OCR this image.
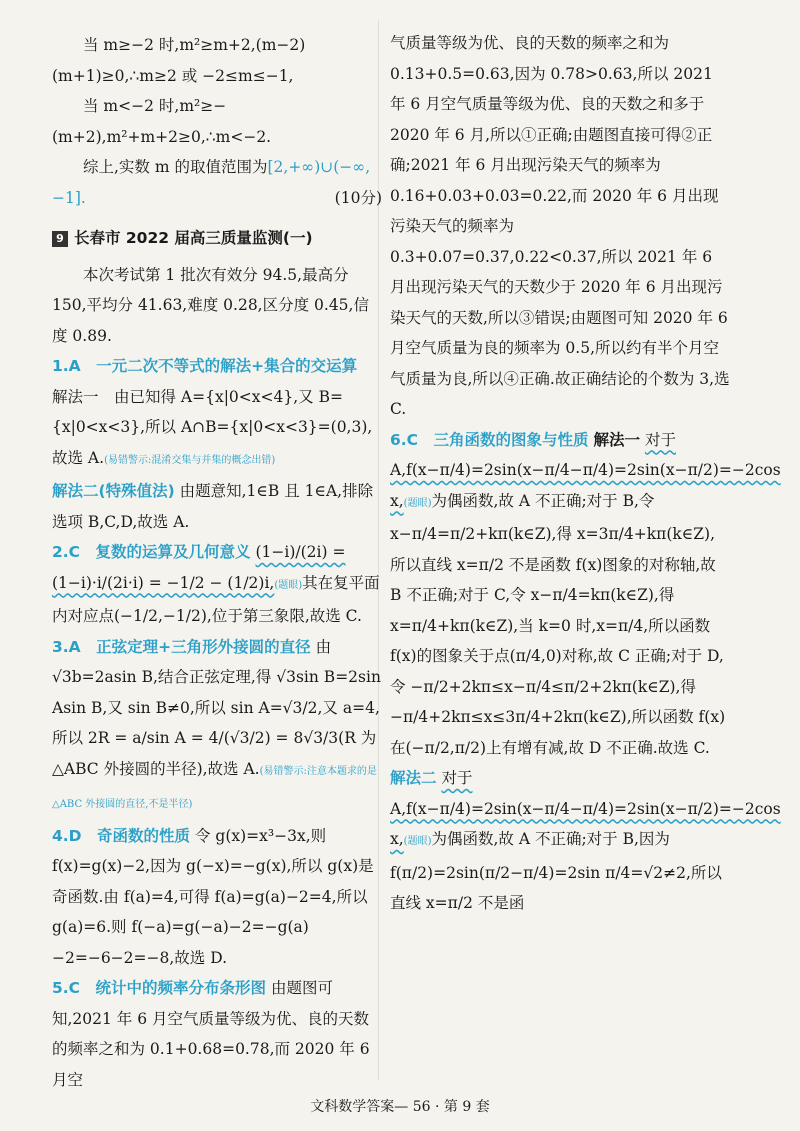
当 m≥−2 时,m²≥m+2,(m−2)(m+1)≥0,∴m≥2 或 −2≤m≤−1,

当 m<−2 时,m²≥−(m+2),m²+m+2≥0,∴m<−2.

综上,实数 m 的取值范围为[2,+∞)∪(−∞,−1].	(10分)

9 长春市 2022 届高三质量监测(一)

本次考试第 1 批次有效分 94.5,最高分 150,平均分 41.63,难度 0.28,区分度 0.45,信度 0.89.

1.A　一元二次不等式的解法+集合的交运算
解法一　由已知得 A={x|0<x<4},又 B={x|0<x<3},所以 A∩B={x|0<x<3}=(0,3),故选 A.(易错警示:混淆交集与并集的概念出错)
解法二(特殊值法) 由题意知,1∈B 且 1∈A,排除选项 B,C,D,故选 A.

2.C　复数的运算及几何意义 (1−i)/(2i) = (1−i)·i/(2i·i) = −1/2 − (1/2)i,(题眼)其在复平面内对应点(−1/2,−1/2),位于第三象限,故选 C.

3.A　正弦定理+三角形外接圆的直径 由 √3b=2asin B,结合正弦定理,得 √3sin B=2sin Asin B,又 sin B≠0,所以 sin A=√3/2,又 a=4,所以 2R = a/sin A = 4/(√3/2) = 8√3/3(R 为△ABC 外接圆的半径),故选 A.(易错警示:注意本题求的是△ABC 外接圆的直径,不是半径)

4.D　奇函数的性质 令 g(x)=x³−3x,则 f(x)=g(x)−2,因为 g(−x)=−g(x),所以 g(x)是奇函数.由 f(a)=4,可得 f(a)=g(a)−2=4,所以 g(a)=6.则 f(−a)=g(−a)−2=−g(a)−2=−6−2=−8,故选 D.

5.C　统计中的频率分布条形图 由题图可知,2021 年 6 月空气质量等级为优、良的天数的频率之和为 0.1+0.68=0.78,而 2020 年 6 月空

气质量等级为优、良的天数的频率之和为 0.13+0.5=0.63,因为 0.78>0.63,所以 2021 年 6 月空气质量等级为优、良的天数之和多于 2020 年 6 月,所以①正确;由题图直接可得②正确;2021 年 6 月出现污染天气的频率为 0.16+0.03+0.03=0.22,而 2020 年 6 月出现污染天气的频率为 0.3+0.07=0.37,0.22<0.37,所以 2021 年 6 月出现污染天气的天数少于 2020 年 6 月出现污染天气的天数,所以③错误;由题图可知 2020 年 6 月空气质量为良的频率为 0.5,所以约有半个月空气质量为良,所以④正确.故正确结论的个数为 3,选 C.

6.C　三角函数的图象与性质 解法一 对于 A,f(x−π/4)=2sin(x−π/4−π/4)=2sin(x−π/2)=−2cos x,(题眼)为偶函数,故 A 不正确;对于 B,令 x−π/4=π/2+kπ(k∈Z),得 x=3π/4+kπ(k∈Z),所以直线 x=π/2 不是函数 f(x)图象的对称轴,故 B 不正确;对于 C,令 x−π/4=kπ(k∈Z),得 x=π/4+kπ(k∈Z),当 k=0 时,x=π/4,所以函数 f(x)的图象关于点(π/4,0)对称,故 C 正确;对于 D,令 −π/2+2kπ≤x−π/4≤π/2+2kπ(k∈Z),得 −π/4+2kπ≤x≤3π/4+2kπ(k∈Z),所以函数 f(x)在(−π/2,π/2)上有增有减,故 D 不正确.故选 C.
解法二 对于 A,f(x−π/4)=2sin(x−π/4−π/4)=2sin(x−π/2)=−2cos x,(题眼)为偶函数,故 A 不正确;对于 B,因为 f(π/2)=2sin(π/2−π/4)=2sin π/4=√2≠2,所以直线 x=π/2 不是函

文科数学答案— 56 · 第 9 套
